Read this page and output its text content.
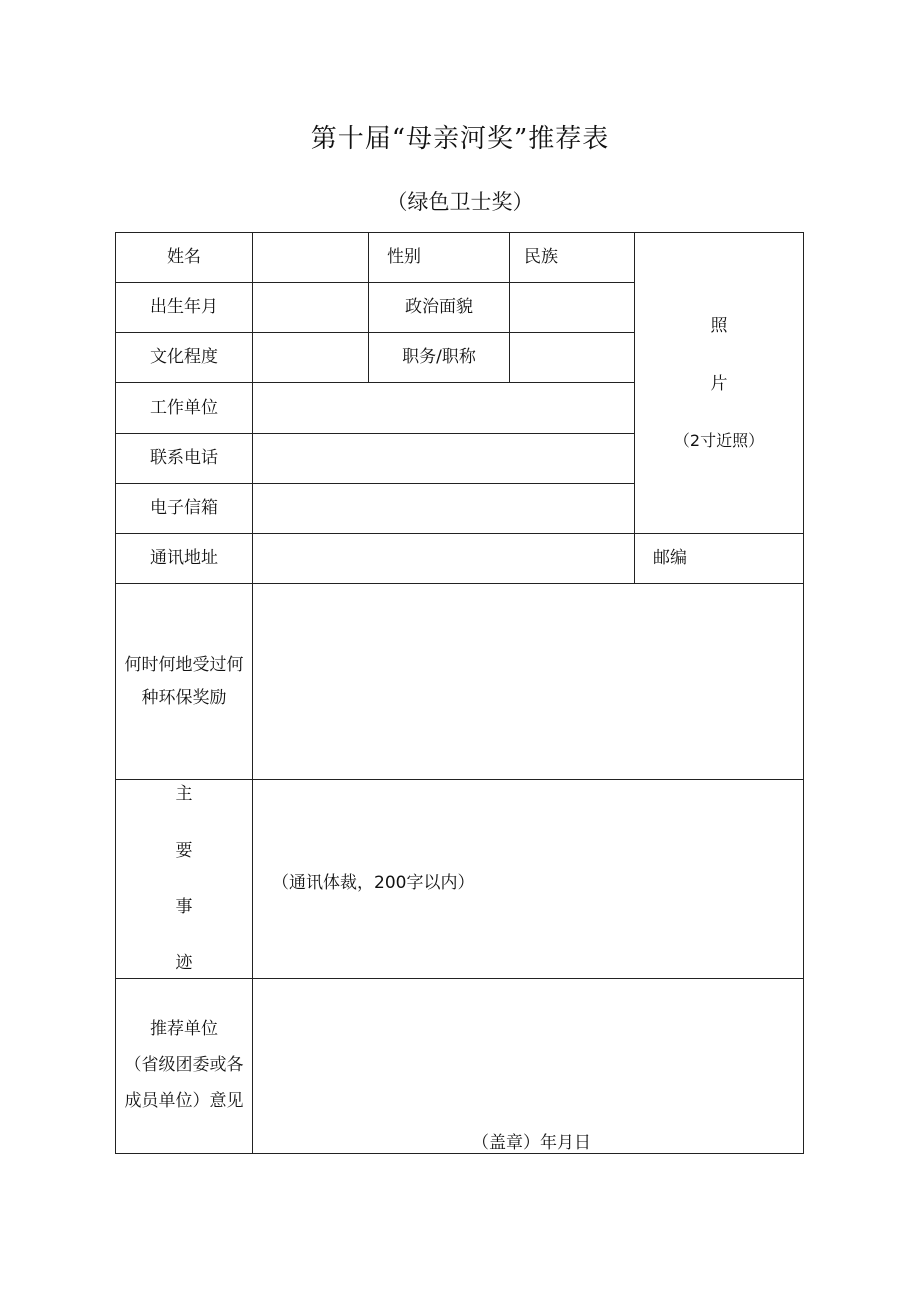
第十届“母亲河奖”推荐表
（绿色卫士奖）
姓名	性别	民族
照
片
（2寸近照）
出生年月	政治面貌
文化程度	职务/职称
工作单位
联系电话
电子信箱
通讯地址	邮编
何时何地受过何
种环保奖励
主
要
事
迹
推荐单位
（省级团委或各
成员单位）意见
（通讯体裁，200字以内）
（盖章）年月日
